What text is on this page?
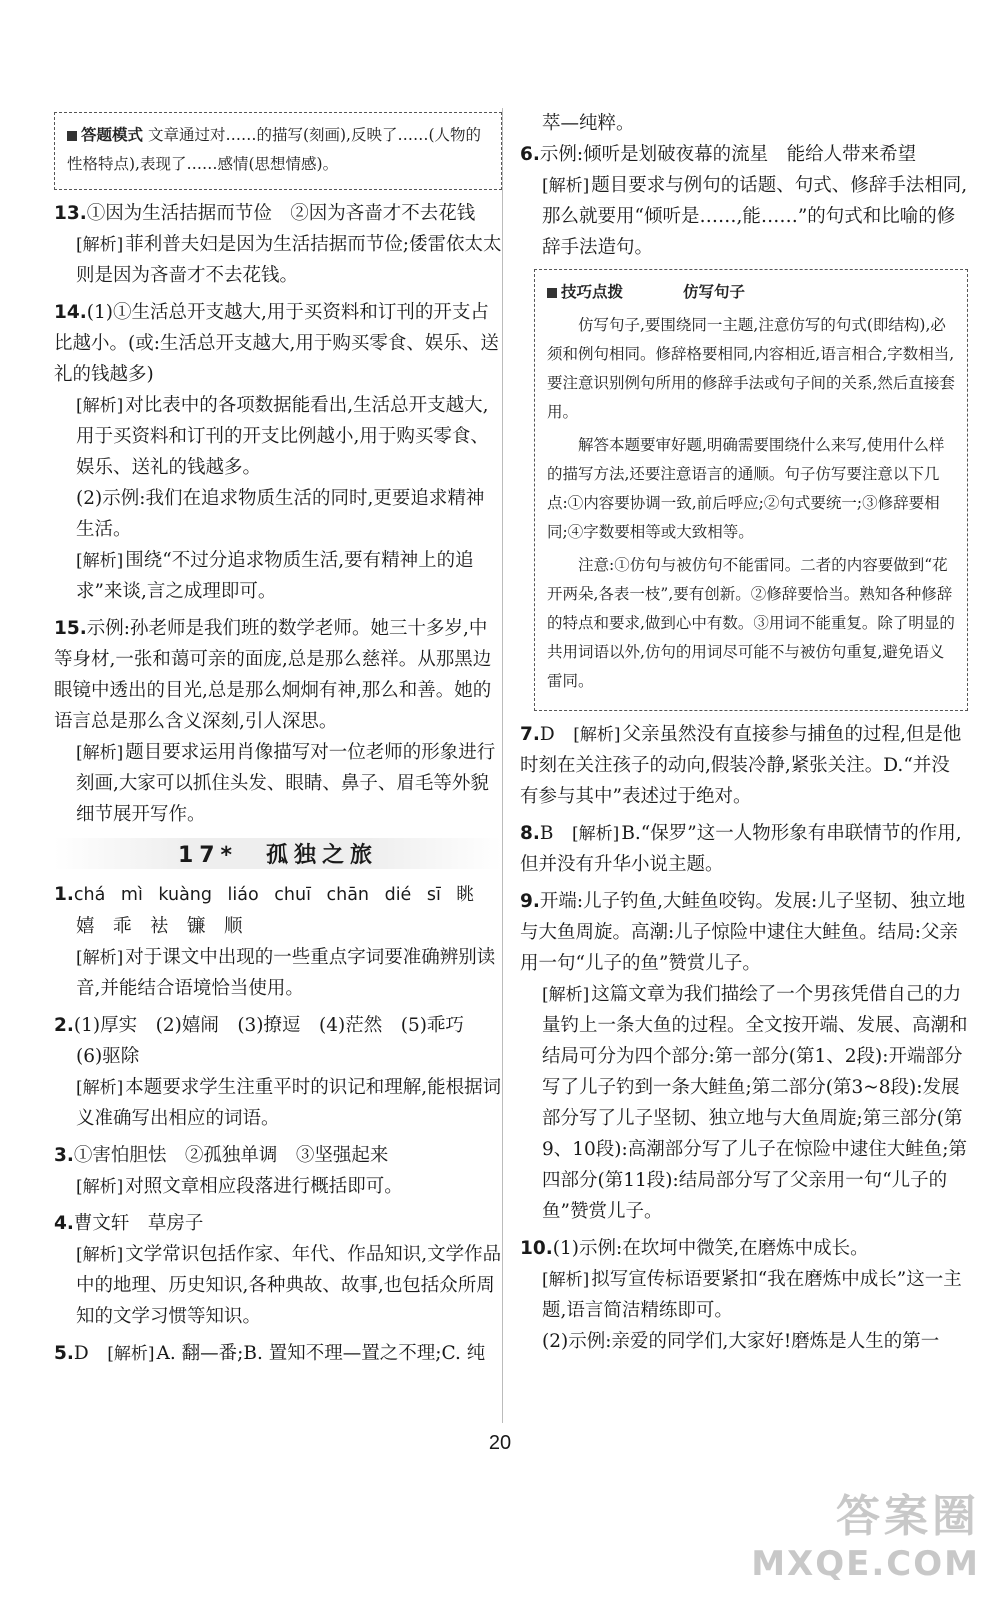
答题模式 文章通过对……的描写(刻画),反映了……(人物的性格特点),表现了……感情(思想情感)。

13.①因为生活拮据而节俭　②因为吝啬才不去花钱

[ 解析 ] 菲利普夫妇是因为生活拮据而节俭;倭雷依太太则是因为吝啬才不去花钱。

14.(1)①生活总开支越大,用于买资料和订刊的开支占比越小。(或:生活总开支越大,用于购买零食、娱乐、送礼的钱越多)

[ 解析 ] 对比表中的各项数据能看出,生活总开支越大,用于买资料和订刊的开支比例越小,用于购买零食、娱乐、送礼的钱越多。

(2)示例:我们在追求物质生活的同时,更要追求精神生活。

[ 解析 ] 围绕“不过分追求物质生活,要有精神上的追求”来谈,言之成理即可。

15.示例:孙老师是我们班的数学老师。她三十多岁,中等身材,一张和蔼可亲的面庞,总是那么慈祥。从那黑边眼镜中透出的目光,总是那么炯炯有神,那么和善。她的语言总是那么含义深刻,引人深思。

[ 解析 ] 题目要求运用肖像描写对一位老师的形象进行刻画,大家可以抓住头发、眼睛、鼻子、眉毛等外貌细节展开写作。

17*　孤独之旅

1.chá mì kuàng liáo chuī chān dié sī 眺

嬉　乖　袪　镰　顺

[ 解析 ] 对于课文中出现的一些重点字词要准确辨别读音,并能结合语境恰当使用。

2.(1)厚实　(2)嬉闹　(3)撩逗　(4)茫然　(5)乖巧

(6)驱除

[ 解析 ] 本题要求学生注重平时的识记和理解,能根据词义准确写出相应的词语。

3.①害怕胆怯　②孤独单调　③坚强起来

[ 解析 ] 对照文章相应段落进行概括即可。

4.曹文轩　草房子

[ 解析 ] 文学常识包括作家、年代、作品知识,文学作品中的地理、历史知识,各种典故、故事,也包括众所周知的文学习惯等知识。

5.D　 [ 解析 ] A. 翻—番;B. 置知不理—置之不理;C. 纯

萃—纯粹。

6.示例:倾听是划破夜幕的流星　能给人带来希望

[ 解析 ] 题目要求与例句的话题、句式、修辞手法相同,那么就要用“倾听是……,能……”的句式和比喻的修辞手法造句。

技巧点拨	仿写句子

仿写句子,要围绕同一主题,注意仿写的句式(即结构),必须和例句相同。修辞格要相同,内容相近,语言相合,字数相当,要注意识别例句所用的修辞手法或句子间的关系,然后直接套用。

解答本题要审好题,明确需要围绕什么来写,使用什么样的描写方法,还要注意语言的通顺。句子仿写要注意以下几点:①内容要协调一致,前后呼应;②句式要统一;③修辞要相同;④字数要相等或大致相等。

注意:①仿句与被仿句不能雷同。二者的内容要做到“花开两朵,各表一枝”,要有创新。②修辞要恰当。熟知各种修辞的特点和要求,做到心中有数。③用词不能重复。除了明显的共用词语以外,仿句的用词尽可能不与被仿句重复,避免语义雷同。

7.D　 [ 解析 ] 父亲虽然没有直接参与捕鱼的过程,但是他时刻在关注孩子的动向,假装冷静,紧张关注。D.“并没有参与其中”表述过于绝对。

8.B　 [ 解析 ] B.“保罗”这一人物形象有串联情节的作用,但并没有升华小说主题。

9.开端:儿子钓鱼,大鲑鱼咬钩。发展:儿子坚韧、独立地与大鱼周旋。高潮:儿子惊险中逮住大鲑鱼。结局:父亲用一句“儿子的鱼”赞赏儿子。

[ 解析 ] 这篇文章为我们描绘了一个男孩凭借自己的力量钓上一条大鱼的过程。全文按开端、发展、高潮和结局可分为四个部分:第一部分(第1、2段):开端部分写了儿子钓到一条大鲑鱼;第二部分(第3~8段):发展部分写了儿子坚韧、独立地与大鱼周旋;第三部分(第9、10段):高潮部分写了儿子在惊险中逮住大鲑鱼;第四部分(第11段):结局部分写了父亲用一句“儿子的鱼”赞赏儿子。

10.(1)示例:在坎坷中微笑,在磨炼中成长。

[ 解析 ] 拟写宣传标语要紧扣“我在磨炼中成长”这一主题,语言简洁精练即可。

(2)示例:亲爱的同学们,大家好!磨炼是人生的第一

20
答案圈
MXQE.COM
